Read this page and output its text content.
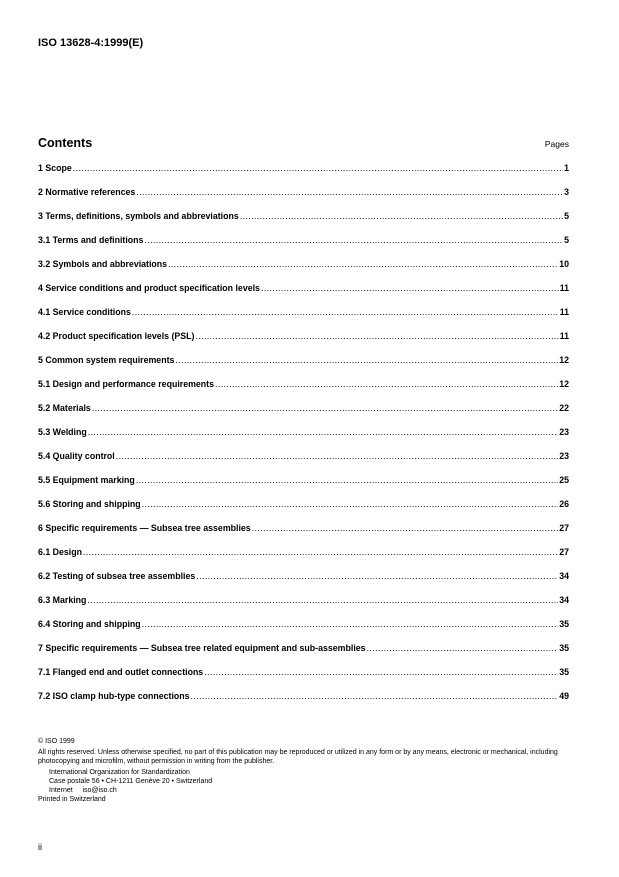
ISO 13628-4:1999(E)
Contents	Pages
1 Scope .....	1
2 Normative references .....	3
3 Terms, definitions, symbols and abbreviations .....	5
3.1 Terms and definitions .....	5
3.2 Symbols and abbreviations .....	10
4 Service conditions and product specification levels .....	11
4.1 Service conditions .....	11
4.2 Product specification levels (PSL) .....	11
5 Common system requirements .....	12
5.1 Design and performance requirements .....	12
5.2 Materials .....	22
5.3 Welding .....	23
5.4 Quality control .....	23
5.5 Equipment marking .....	25
5.6 Storing and shipping .....	26
6 Specific requirements — Subsea tree assemblies .....	27
6.1 Design .....	27
6.2 Testing of subsea tree assemblies .....	34
6.3 Marking .....	34
6.4 Storing and shipping .....	35
7 Specific requirements — Subsea tree related equipment and sub-assemblies .....	35
7.1 Flanged end and outlet connections .....	35
7.2 ISO clamp hub-type connections .....	49
© ISO 1999
All rights reserved. Unless otherwise specified, no part of this publication may be reproduced or utilized in any form or by any means, electronic or mechanical, including photocopying and microfilm, without permission in writing from the publisher.
International Organization for Standardization
Case postale 56 • CH-1211 Genève 20 • Switzerland
Internet     iso@iso.ch
Printed in Switzerland
ii
